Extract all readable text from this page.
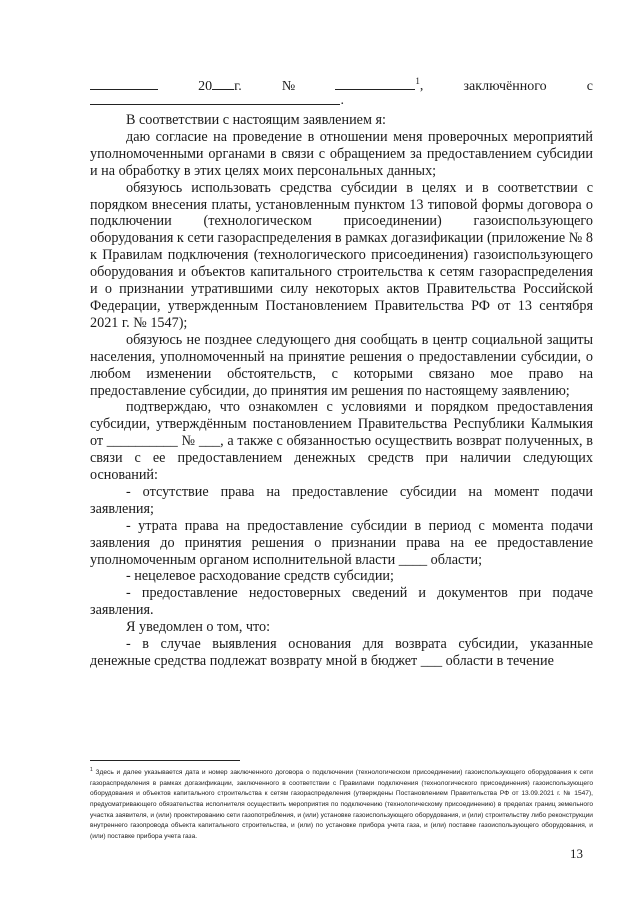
20 г.	№	$^1$,	заключённого	с
.

В соответствии с настоящим заявлением я:

даю согласие на проведение в отношении меня проверочных мероприятий уполномоченными органами в связи с обращением за предоставлением субсидии и на обработку в этих целях моих персональных данных;

обязуюсь использовать средства субсидии в целях и в соответствии с порядком внесения платы, установленным пунктом 13 типовой формы договора о подключении (технологическом присоединении) газоиспользующего оборудования к сети газораспределения в рамках догазификации (приложение № 8 к Правилам подключения (технологического присоединения) газоиспользующего оборудования и объектов капитального строительства к сетям газораспределения и о признании утратившими силу некоторых актов Правительства Российской Федерации, утвержденным Постановлением Правительства РФ от 13 сентября 2021 г. № 1547);

обязуюсь не позднее следующего дня сообщать в центр социальной защиты населения, уполномоченный на принятие решения о предоставлении субсидии, о любом изменении обстоятельств, с которыми связано мое право на предоставление субсидии, до принятия им решения по настоящему заявлению;

подтверждаю, что ознакомлен с условиями и порядком предоставления субсидии, утверждённым постановлением Правительства Республики Калмыкия от __________ № ___, а также с обязанностью осуществить возврат полученных, в связи с ее предоставлением денежных средств при наличии следующих оснований:

- отсутствие права на предоставление субсидии на момент подачи заявления;

- утрата права на предоставление субсидии в период с момента подачи заявления до принятия решения о признании права на ее предоставление уполномоченным органом исполнительной власти ____ области;

- нецелевое расходование средств субсидии;

- предоставление недостоверных сведений и документов при подаче заявления.

Я уведомлен о том, что:

- в случае выявления основания для возврата субсидии, указанные денежные средства подлежат возврату мной в бюджет ___ области в течение

$^1$ Здесь и далее указывается дата и номер заключенного договора о подключении (технологическом присоединении) газоиспользующего оборудования к сети газораспределения в рамках догазификации, заключенного в соответствии с Правилами подключения (технологического присоединения) газоиспользующего оборудования и объектов капитального строительства к сетям газораспределения (утверждены Постановлением Правительства РФ от 13.09.2021 г. № 1547), предусматривающего обязательства исполнителя осуществить мероприятия по подключению (технологическому присоединению) в пределах границ земельного участка заявителя, и (или) проектированию сети газопотребления, и (или) установке газоиспользующего оборудования, и (или) строительству либо реконструкции внутреннего газопровода объекта капитального строительства, и (или) по установке прибора учета газа, и (или) поставке газоиспользующего оборудования, и (или) поставке прибора учета газа.
13
